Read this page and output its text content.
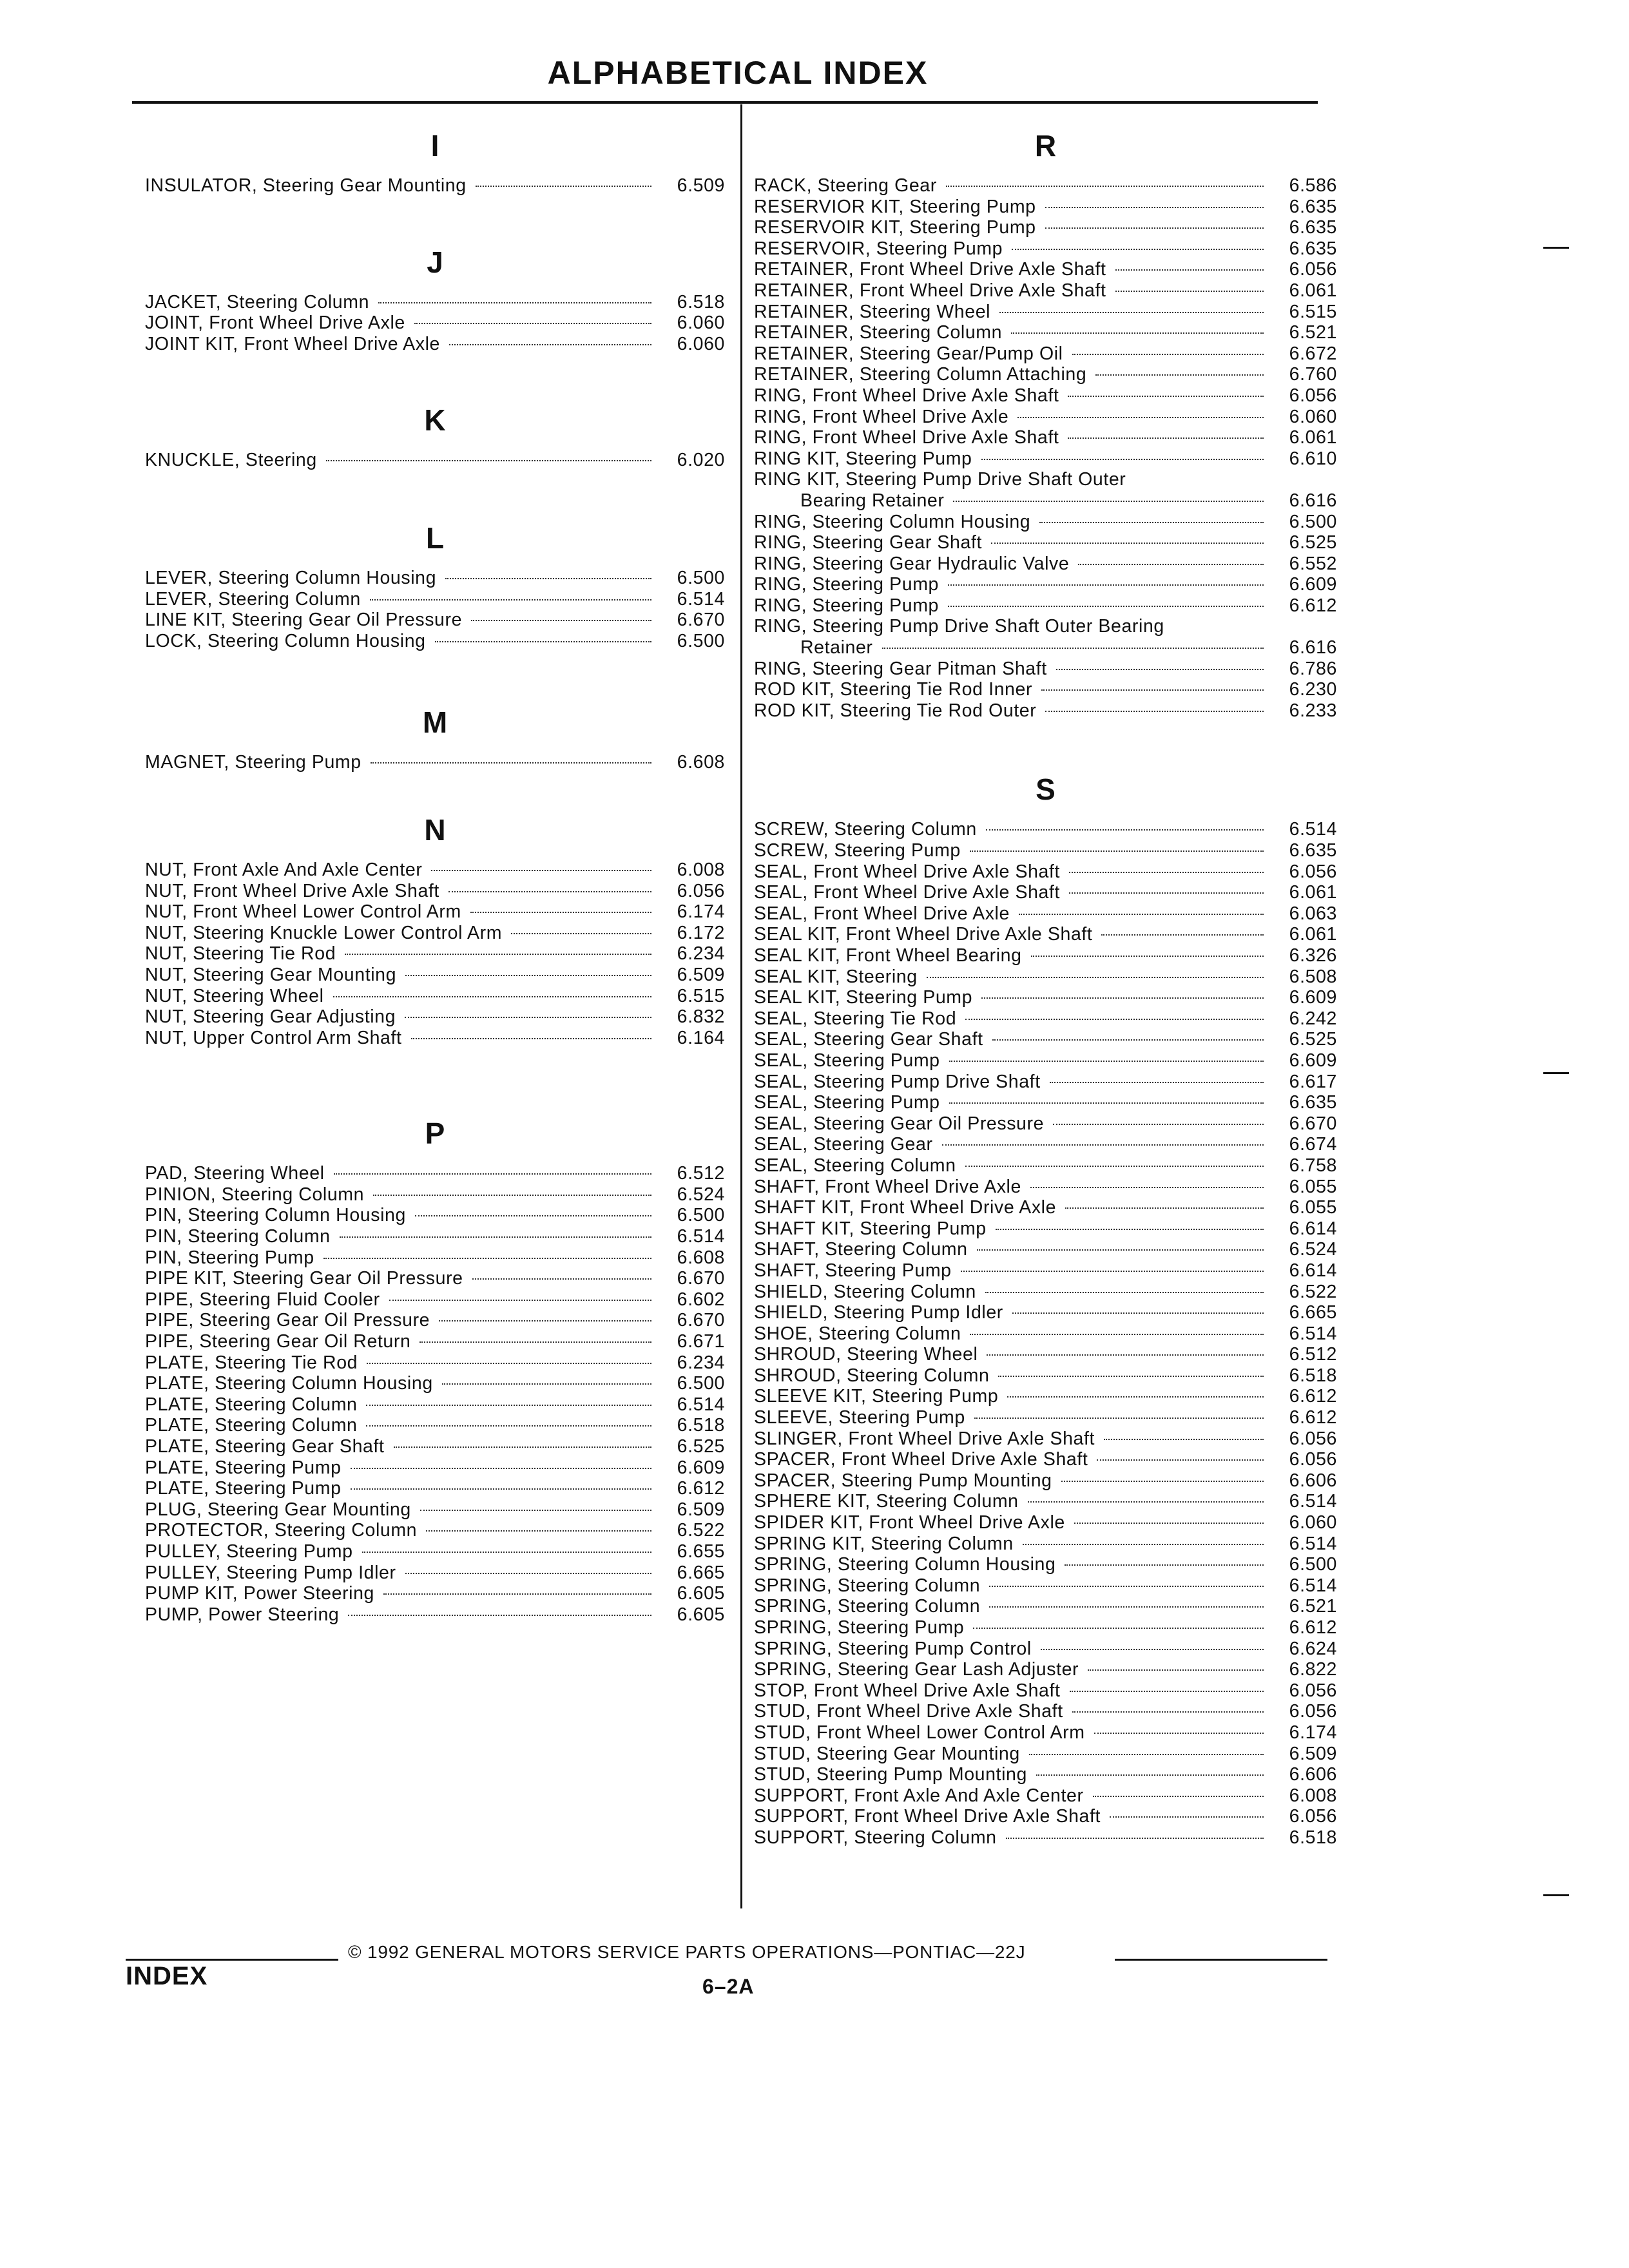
ALPHABETICAL INDEX
I
INSULATOR, Steering Gear Mounting	6.509
J
JACKET, Steering Column	6.518
JOINT, Front Wheel Drive Axle	6.060
JOINT KIT, Front Wheel Drive Axle	6.060
K
KNUCKLE, Steering	6.020
L
LEVER, Steering Column Housing	6.500
LEVER, Steering Column	6.514
LINE KIT, Steering Gear Oil Pressure	6.670
LOCK, Steering Column Housing	6.500
M
MAGNET, Steering Pump	6.608
N
NUT, Front Axle And Axle Center	6.008
NUT, Front Wheel Drive Axle Shaft	6.056
NUT, Front Wheel Lower Control Arm	6.174
NUT, Steering Knuckle Lower Control Arm	6.172
NUT, Steering Tie Rod	6.234
NUT, Steering Gear Mounting	6.509
NUT, Steering Wheel	6.515
NUT, Steering Gear Adjusting	6.832
NUT, Upper Control Arm Shaft	6.164
P
PAD, Steering Wheel	6.512
PINION, Steering Column	6.524
PIN, Steering Column Housing	6.500
PIN, Steering Column	6.514
PIN, Steering Pump	6.608
PIPE KIT, Steering Gear Oil Pressure	6.670
PIPE, Steering Fluid Cooler	6.602
PIPE, Steering Gear Oil Pressure	6.670
PIPE, Steering Gear Oil Return	6.671
PLATE, Steering Tie Rod	6.234
PLATE, Steering Column Housing	6.500
PLATE, Steering Column	6.514
PLATE, Steering Column	6.518
PLATE, Steering Gear Shaft	6.525
PLATE, Steering Pump	6.609
PLATE, Steering Pump	6.612
PLUG, Steering Gear Mounting	6.509
PROTECTOR, Steering Column	6.522
PULLEY, Steering Pump	6.655
PULLEY, Steering Pump Idler	6.665
PUMP KIT, Power Steering	6.605
PUMP, Power Steering	6.605
R
RACK, Steering Gear	6.586
RESERVIOR KIT, Steering Pump	6.635
RESERVOIR KIT, Steering Pump	6.635
RESERVOIR, Steering Pump	6.635
RETAINER, Front Wheel Drive Axle Shaft	6.056
RETAINER, Front Wheel Drive Axle Shaft	6.061
RETAINER, Steering Wheel	6.515
RETAINER, Steering Column	6.521
RETAINER, Steering Gear/Pump Oil	6.672
RETAINER, Steering Column Attaching	6.760
RING, Front Wheel Drive Axle Shaft	6.056
RING, Front Wheel Drive Axle	6.060
RING, Front Wheel Drive Axle Shaft	6.061
RING KIT, Steering Pump	6.610
RING KIT, Steering Pump Drive Shaft Outer
Bearing Retainer	6.616
RING, Steering Column Housing	6.500
RING, Steering Gear Shaft	6.525
RING, Steering Gear Hydraulic Valve	6.552
RING, Steering Pump	6.609
RING, Steering Pump	6.612
RING, Steering Pump Drive Shaft Outer Bearing
Retainer	6.616
RING, Steering Gear Pitman Shaft	6.786
ROD KIT, Steering Tie Rod Inner	6.230
ROD KIT, Steering Tie Rod Outer	6.233
S
SCREW, Steering Column	6.514
SCREW, Steering Pump	6.635
SEAL, Front Wheel Drive Axle Shaft	6.056
SEAL, Front Wheel Drive Axle Shaft	6.061
SEAL, Front Wheel Drive Axle	6.063
SEAL KIT, Front Wheel Drive Axle Shaft	6.061
SEAL KIT, Front Wheel Bearing	6.326
SEAL KIT, Steering	6.508
SEAL KIT, Steering Pump	6.609
SEAL, Steering Tie Rod	6.242
SEAL, Steering Gear Shaft	6.525
SEAL, Steering Pump	6.609
SEAL, Steering Pump Drive Shaft	6.617
SEAL, Steering Pump	6.635
SEAL, Steering Gear Oil Pressure	6.670
SEAL, Steering Gear	6.674
SEAL, Steering Column	6.758
SHAFT, Front Wheel Drive Axle	6.055
SHAFT KIT, Front Wheel Drive Axle	6.055
SHAFT KIT, Steering Pump	6.614
SHAFT, Steering Column	6.524
SHAFT, Steering Pump	6.614
SHIELD, Steering Column	6.522
SHIELD, Steering Pump Idler	6.665
SHOE, Steering Column	6.514
SHROUD, Steering Wheel	6.512
SHROUD, Steering Column	6.518
SLEEVE KIT, Steering Pump	6.612
SLEEVE, Steering Pump	6.612
SLINGER, Front Wheel Drive Axle Shaft	6.056
SPACER, Front Wheel Drive Axle Shaft	6.056
SPACER, Steering Pump Mounting	6.606
SPHERE KIT, Steering Column	6.514
SPIDER KIT, Front Wheel Drive Axle	6.060
SPRING KIT, Steering Column	6.514
SPRING, Steering Column Housing	6.500
SPRING, Steering Column	6.514
SPRING, Steering Column	6.521
SPRING, Steering Pump	6.612
SPRING, Steering Pump Control	6.624
SPRING, Steering Gear Lash Adjuster	6.822
STOP, Front Wheel Drive Axle Shaft	6.056
STUD, Front Wheel Drive Axle Shaft	6.056
STUD, Front Wheel Lower Control Arm	6.174
STUD, Steering Gear Mounting	6.509
STUD, Steering Pump Mounting	6.606
SUPPORT, Front Axle And Axle Center	6.008
SUPPORT, Front Wheel Drive Axle Shaft	6.056
SUPPORT, Steering Column	6.518
© 1992 GENERAL MOTORS SERVICE PARTS OPERATIONS—PONTIAC—22J
INDEX	6–2A
